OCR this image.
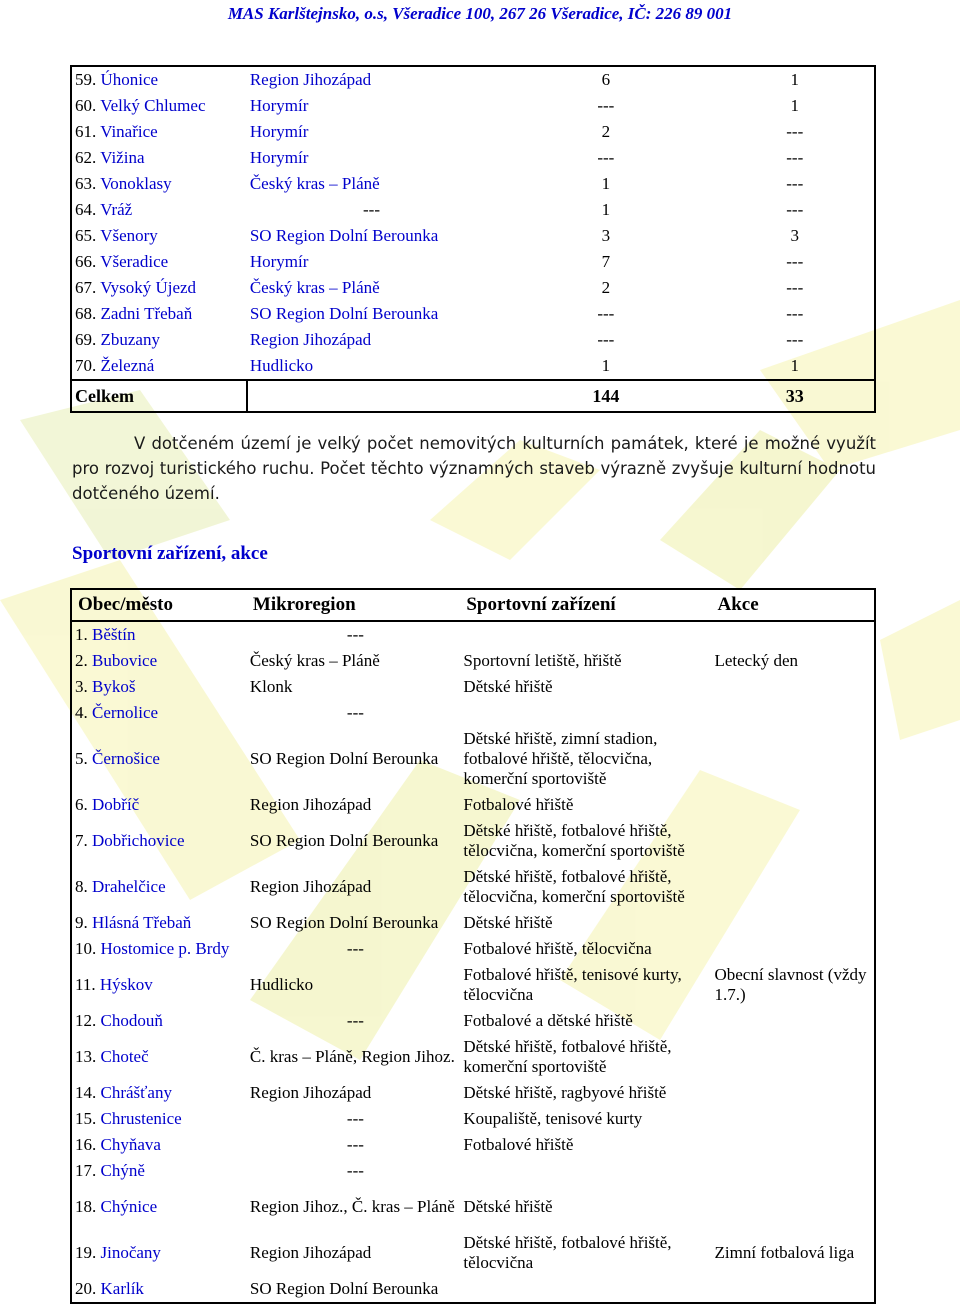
MAS Karlštejnsko, o.s, Všeradice 100, 267 26 Všeradice, IČ: 226 89 001
59. Úhonice	Region Jihozápad	6	1
60. Velký Chlumec	Horymír	---	1
61. Vinařice	Horymír	2	---
62. Vižina	Horymír	---	---
63. Vonoklasy	Český kras – Pláně	1	---
64. Vráž	---	1	---
65. Všenory	SO Region Dolní Berounka	3	3
66. Všeradice	Horymír	7	---
67. Vysoký Újezd	Český kras – Pláně	2	---
68. Zadni Třebaň	SO Region Dolní Berounka	---	---
69. Zbuzany	Region Jihozápad	---	---
70. Železná	Hudlicko	1	1
Celkem		144	33
V dotčeném území je velký počet nemovitých kulturních památek, které je možné využít pro rozvoj turistického ruchu. Počet těchto významných staveb výrazně zvyšuje kulturní hodnotu dotčeného území.
Sportovní zařízení, akce
Obec/město	Mikroregion	Sportovní zařízení	Akce
1. Běštín	---		
2. Bubovice	Český kras – Pláně	Sportovní letiště, hřiště	Letecký den
3. Bykoš	Klonk	Dětské hřiště	
4. Černolice	---		
5. Černošice	SO Region Dolní Berounka	Dětské hřiště, zimní stadion, fotbalové hřiště, tělocvična, komerční sportoviště	
6. Dobříč	Region Jihozápad	Fotbalové hřiště	
7. Dobřichovice	SO Region Dolní Berounka	Dětské hřiště, fotbalové hřiště, tělocvična, komerční sportoviště	
8. Drahelčice	Region Jihozápad	Dětské hřiště, fotbalové hřiště, tělocvična, komerční sportoviště	
9. Hlásná Třebaň	SO Region Dolní Berounka	Dětské hřiště	
10. Hostomice p. Brdy	---	Fotbalové hřiště, tělocvična	
11. Hýskov	Hudlicko	Fotbalové hřiště, tenisové kurty, tělocvična	Obecní slavnost (vždy 1.7.)
12. Chodouň	---	Fotbalové a dětské hřiště	
13. Choteč	Č. kras – Pláně, Region Jihoz.	Dětské hřiště, fotbalové hřiště, komerční sportoviště	
14. Chrášťany	Region Jihozápad	Dětské hřiště, ragbyové hřiště	
15. Chrustenice	---	Koupaliště, tenisové kurty	
16. Chyňava	---	Fotbalové hřiště	
17. Chýně	---		
18. Chýnice	Region Jihoz., Č. kras – Pláně	Dětské hřiště	
19. Jinočany	Region Jihozápad	Dětské hřiště, fotbalové hřiště, tělocvična	Zimní fotbalová liga
20. Karlík	SO Region Dolní Berounka		
